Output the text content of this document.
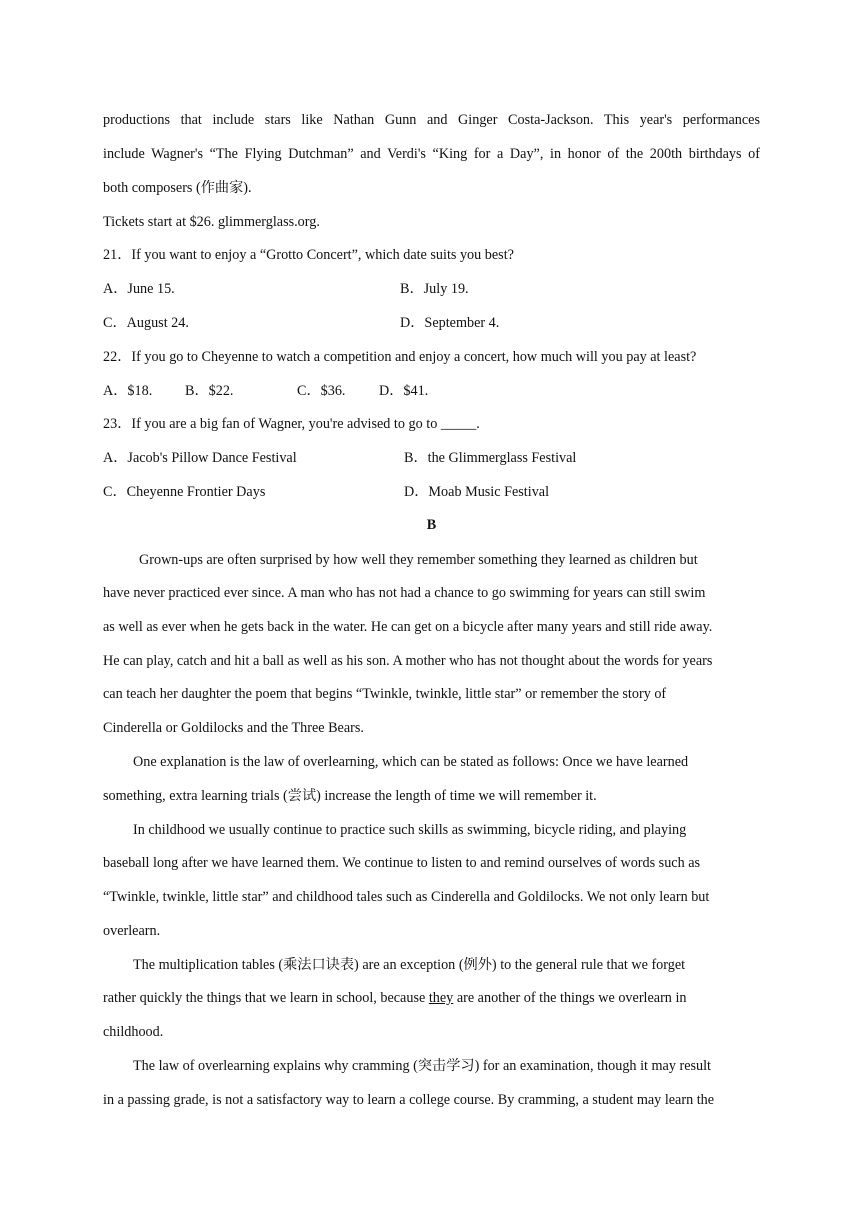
productions that include stars like Nathan Gunn and Ginger Costa-Jackson. This year's performances
include Wagner's “The Flying Dutchman” and Verdi's “King for a Day”, in honor of the 200th birthdays of
both composers (作曲家).
Tickets start at $26. glimmerglass.org.
21．If you want to enjoy a “Grotto Concert”, which date suits you best?
A．June 15.	B．July 19.
C．August 24.	D．September 4.
22．If you go to Cheyenne to watch a competition and enjoy a concert, how much will you pay at least?
A．$18. B．$22.	C．$36. D．$41.
23．If you are a big fan of Wagner, you're advised to go to _____.
A．Jacob's Pillow Dance Festival	B．the Glimmerglass Festival
C．Cheyenne Frontier Days	D．Moab Music Festival
B
Grown-ups are often surprised by how well they remember something they learned as children but
have never practiced ever since. A man who has not had a chance to go swimming for years can still swim
as well as ever when he gets back in the water. He can get on a bicycle after many years and still ride away.
He can play, catch and hit a ball as well as his son. A mother who has not thought about the words for years
can teach her daughter the poem that begins “Twinkle, twinkle, little star” or remember the story of
Cinderella or Goldilocks and the Three Bears.
One explanation is the law of overlearning, which can be stated as follows: Once we have learned
something, extra learning trials (尝试) increase the length of time we will remember it.
In childhood we usually continue to practice such skills as swimming, bicycle riding, and playing
baseball long after we have learned them. We continue to listen to and remind ourselves of words such as
“Twinkle, twinkle, little star” and childhood tales such as Cinderella and Goldilocks. We not only learn but
overlearn.
The multiplication tables (乘法口诀表) are an exception (例外) to the general rule that we forget
rather quickly the things that we learn in school, because they are another of the things we overlearn in
childhood.
The law of overlearning explains why cramming (突击学习) for an examination, though it may result
in a passing grade, is not a satisfactory way to learn a college course. By cramming, a student may learn the
